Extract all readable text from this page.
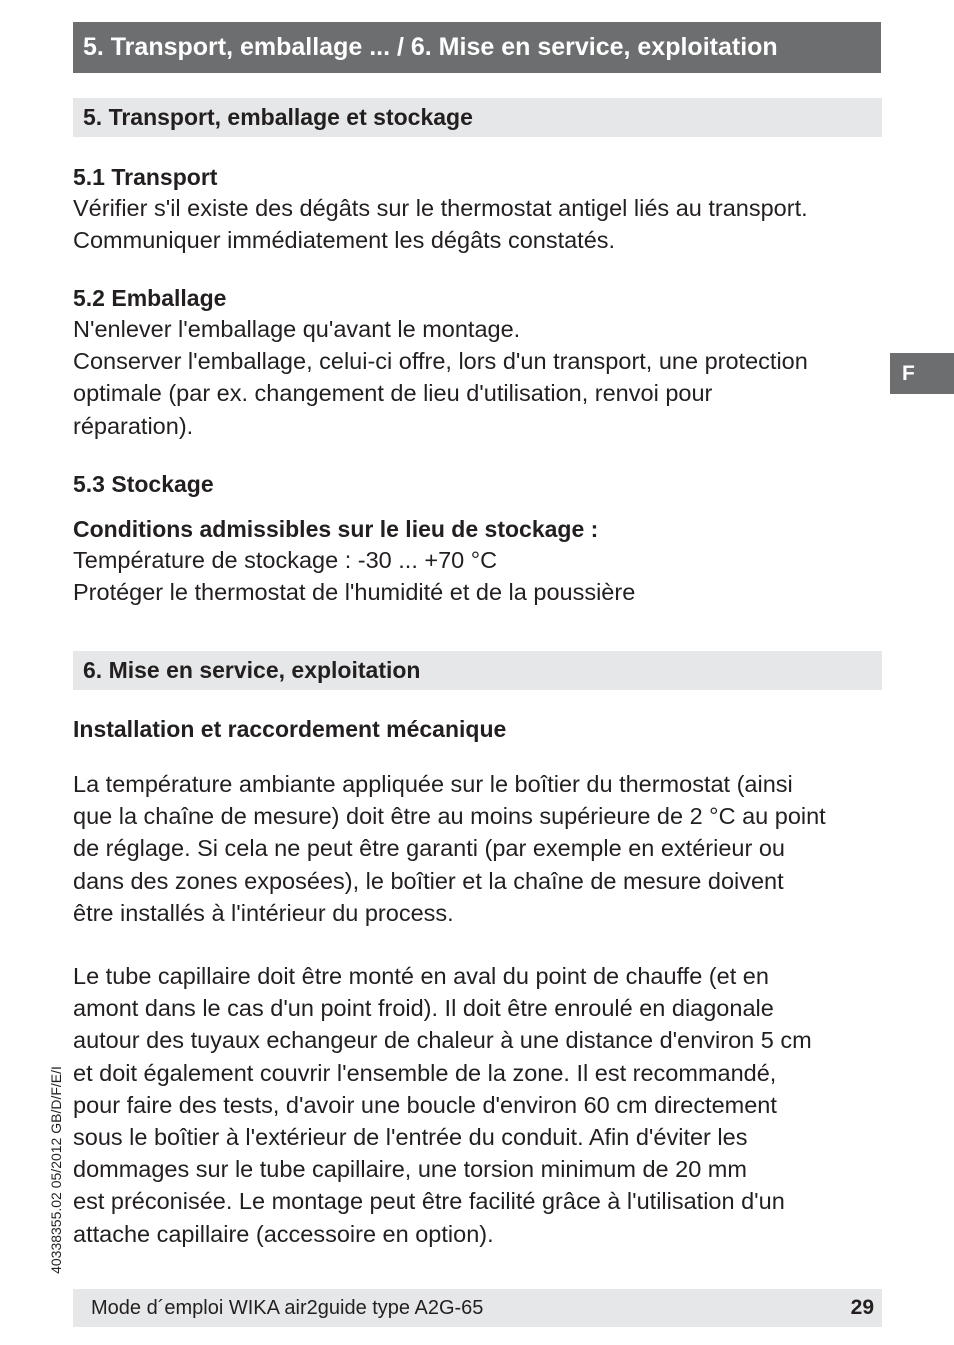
5. Transport, emballage ... / 6. Mise en service, exploitation
F
5. Transport, emballage et stockage
5.1 Transport
Vérifier s'il existe des dégâts sur le thermostat antigel liés au transport.
Communiquer immédiatement les dégâts constatés.
5.2 Emballage
N'enlever l'emballage qu'avant le montage.
Conserver l'emballage, celui-ci offre, lors d'un transport, une protection
optimale (par ex. changement de lieu d'utilisation, renvoi pour
réparation).
5.3 Stockage
Conditions admissibles sur le lieu de stockage :
Température de stockage : -30 ... +70 °C
Protéger le thermostat de l'humidité et de la poussière
6. Mise en service, exploitation
Installation et raccordement mécanique
La température ambiante appliquée sur le boîtier du thermostat (ainsi
que la chaîne de mesure) doit être au moins supérieure de 2 °C au point
de réglage. Si cela ne peut être garanti (par exemple en extérieur ou
dans des zones exposées), le boîtier et la chaîne de mesure doivent
être installés à l'intérieur du process.
Le tube capillaire doit être monté en aval du point de chauffe (et en
amont dans le cas d'un point froid). Il doit être enroulé en diagonale
autour des tuyaux echangeur de chaleur à une distance d'environ 5 cm
et doit également couvrir l'ensemble de la zone. Il est recommandé,
pour faire des tests, d'avoir une boucle d'environ 60 cm directement
sous le boîtier à l'extérieur de l'entrée du conduit. Afin d'éviter les
dommages sur le tube capillaire, une torsion minimum de 20 mm
est préconisée. Le montage peut être facilité grâce à l'utilisation d'un
attache capillaire (accessoire en option).
40338355.02 05/2012 GB/D/F/E/I
Mode d´emploi WIKA air2guide type A2G-65	29
